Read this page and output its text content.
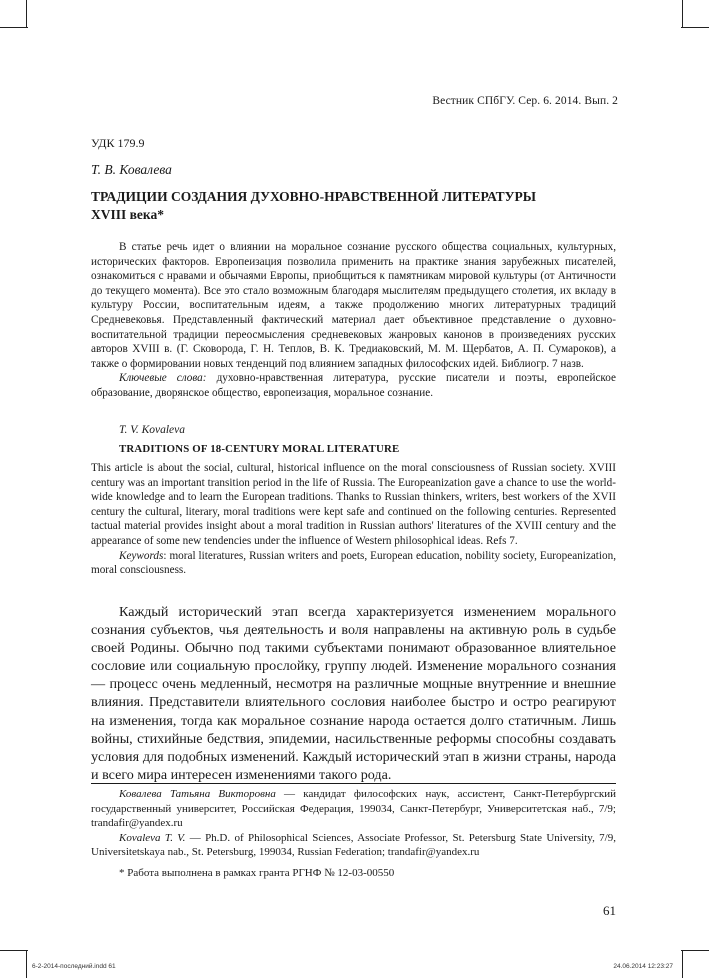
Вестник СПбГУ. Сер. 6. 2014. Вып. 2
УДК 179.9
Т. В. Ковалева
ТРАДИЦИИ СОЗДАНИЯ ДУХОВНО-НРАВСТВЕННОЙ ЛИТЕРАТУРЫ
XVIII века*

В статье речь идет о влиянии на моральное сознание русского общества социальных, культурных, исторических факторов. Европеизация позволила применить на практике знания зарубежных писателей, ознакомиться с нравами и обычаями Европы, приобщиться к памятникам мировой культуры (от Античности до текущего момента). Все это стало возможным благодаря мыслителям предыдущего столетия, их вкладу в культуру России, воспитательным идеям, а также продолжению многих литературных традиций Средневековья. Представленный фактический материал дает объективное представление о духовно-воспитательной традиции переосмысления средневековых жанровых канонов в произведениях русских авторов XVIII в. (Г. Сковорода, Г. Н. Теплов, В. К. Тредиаковский, М. М. Щербатов, А. П. Сумароков), а также о формировании новых тенденций под влиянием западных философских идей. Библиогр. 7 назв.

Ключевые слова: духовно-нравственная литература, русские писатели и поэты, европейское образование, дворянское общество, европеизация, моральное сознание.

T. V. Kovaleva
TRADITIONS OF 18-CENTURY MORAL LITERATURE

This article is about the social, cultural, historical influence on the moral consciousness of Russian society. XVIII century was an important transition period in the life of Russia. The Europeanization gave a chance to use the world-wide knowledge and to learn the European traditions. Thanks to Russian thinkers, writers, best workers of the XVII century the cultural, literary, moral traditions were kept safe and continued on the following centuries. Represented tactual material provides insight about a moral tradition in Russian authors' literatures of the XVIII century and the appearance of some new tendencies under the influence of Western philosophical ideas. Refs 7.

Keywords: moral literatures, Russian writers and poets, European education, nobility society, Europeanization, moral consciousness.

Каждый исторический этап всегда характеризуется изменением морального сознания субъектов, чья деятельность и воля направлены на активную роль в судьбе своей Родины. Обычно под такими субъектами понимают образованное влиятельное сословие или социальную прослойку, группу людей. Изменение морального сознания — процесс очень медленный, несмотря на различные мощные внутренние и внешние влияния. Представители влиятельного сословия наиболее быстро и остро реагируют на изменения, тогда как моральное сознание народа остается долго статичным. Лишь войны, стихийные бедствия, эпидемии, насильственные реформы способны создавать условия для подобных изменений. Каждый исторический этап в жизни страны, народа и всего мира интересен изменениями такого рода.

Ковалева Татьяна Викторовна — кандидат философских наук, ассистент, Санкт-Петербургский государственный университет, Российская Федерация, 199034, Санкт-Петербург, Университетская наб., 7/9; trandafir@yandex.ru

Kovaleva T. V. — Ph.D. of Philosophical Sciences, Associate Professor, St. Petersburg State University, 7/9, Universitetskaya nab., St. Petersburg, 199034, Russian Federation; trandafir@yandex.ru

* Работа выполнена в рамках гранта РГНФ № 12-03-00550
61
6-2-2014-последний.indd 61	24.06.2014 12:23:27
